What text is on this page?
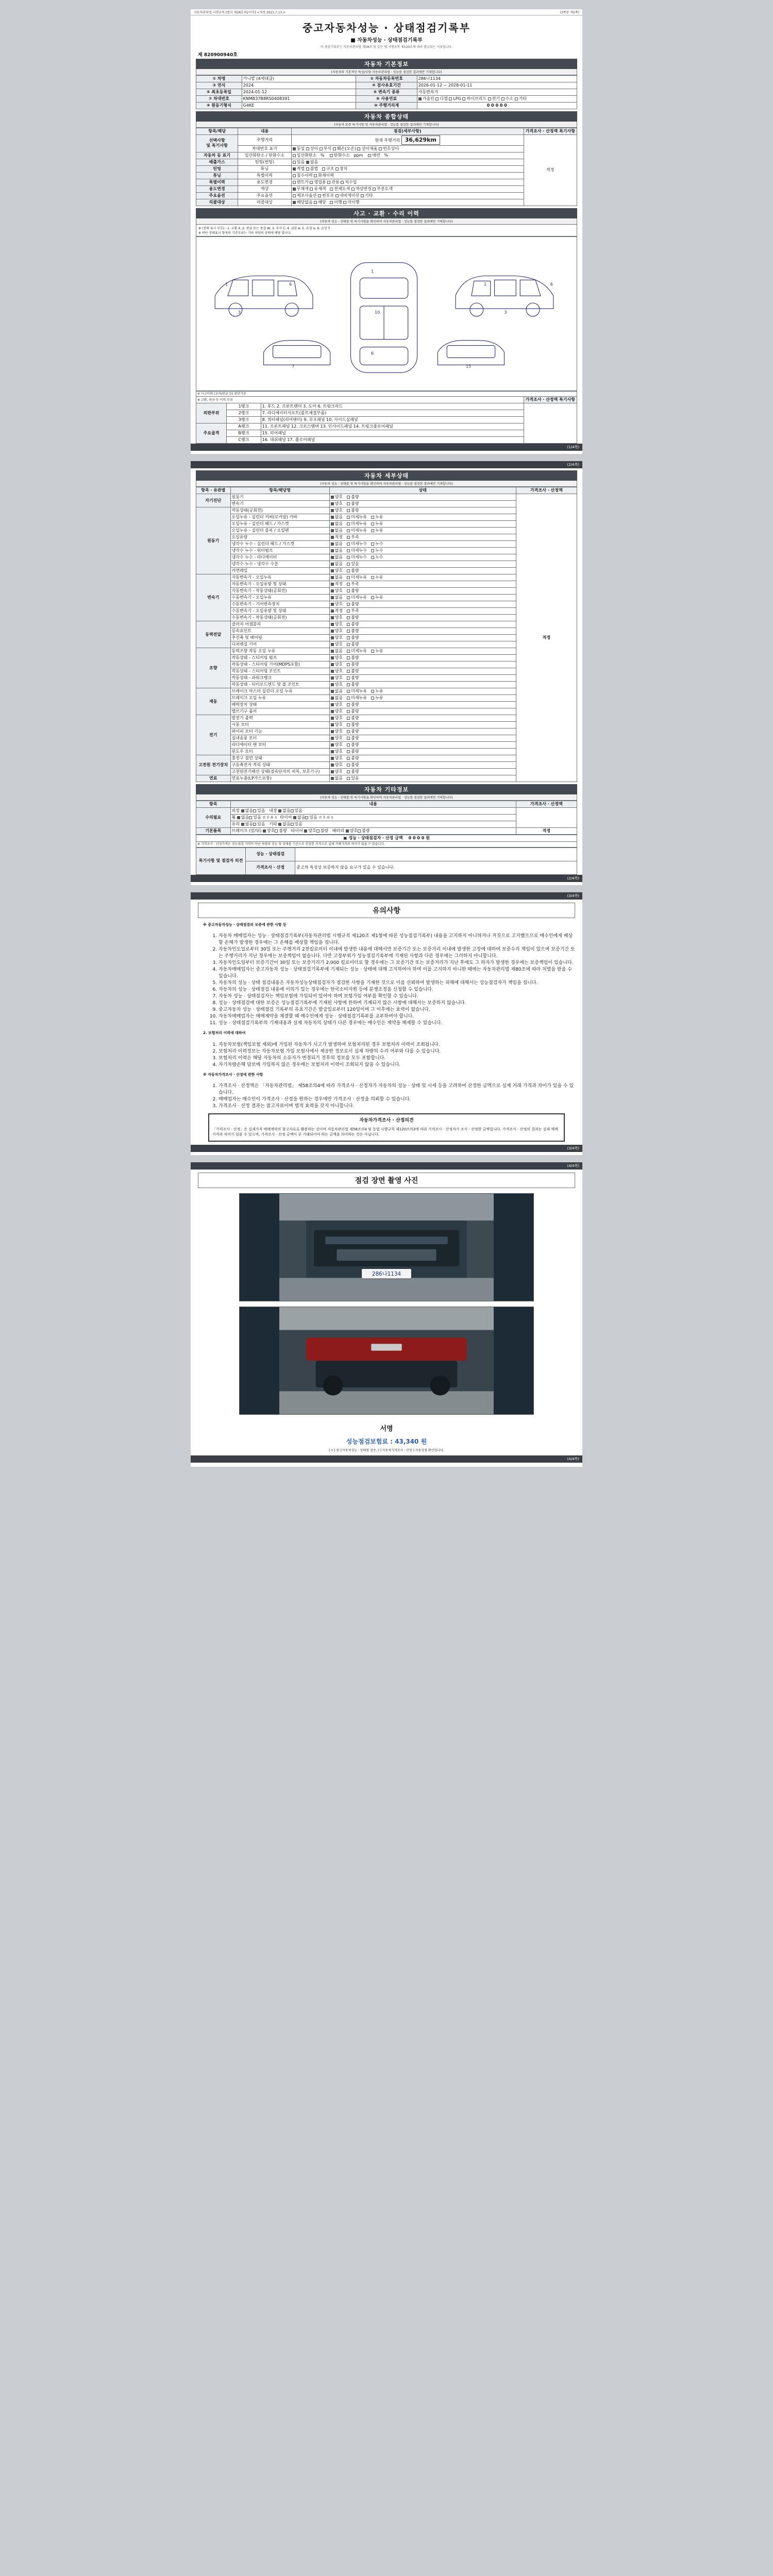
자동차관리법 시행규칙 [별지 제28호의2서식] <개정 2021.7.13.>	(3쪽중 제1쪽)
중고자동차성능 · 상태점검기록부
■ 자동차성능 · 상태점검기록부
이 점검기록부는 자동차관리법 제58조 및 같은 법 시행규칙 제120조에 따라 발급되는 서류입니다.
제 820900940호
자동차 기본정보
(자동차의 기본적인 특성/사항 자동차관리법 · 성능를 점검한 결과에만 기재합니다)
① 차명	카니발 (4세대급)	② 자동차등록번호	286나1134
③ 연식	2024	④ 검사유효기간	2026-01-12 ~ 2028-01-11
⑤ 최초등록일	2024-01-12	⑥ 변속기 종류	자동변속기
⑦ 차대번호	KNMB37B8RS0408391	⑧ 사용연료	가솔린 디젤 LPG 하이브리드 전기 수소 기타
⑨ 원동기형식	G4KE	⑩ 주행거리계	0 0 0 0 0
자동차 종합상태
(자동차 보증 특기사항 및 자동차관리법 · 성능를 점검한 결과에만 기재합니다)
항목/해당	내용	점검(세부사항)	가격조사 · 산정액 특기사항
선택사항
및 특기사항	주행거리	현재 주행거리 36,629km	적정
	차대번호 표기	동일 상이 부식 훼손(오손) 상이채움 번호상이	
자동차 등 표기	일산화탄소 / 탄화수소	일산화탄소   %    탄화수소   ppm    매연   %	
배출가스	틴팅(썬팅)	있음 없음	
틴팅	튜닝	적법 불법 구조 장치	
튜닝	특별이력	침수이력 화재이력	
특별이력	용도변경	렌트카 영업용 관용 직수입	
용도변경	색상	무채색 유채색 전체도색 색상변경 부분도색	
주요옵션	주요옵션	제조사옵션 썬루프 네비게이션 기타	
리콜대상	리콜대상	해당없음 해당 이행 미이행	
사고 · 교환 · 수리 이력
(자동차 성능 · 상태를 및 특기사항을 확인하여 자동차관리법 · 성능를 점검한 결과에만 기재합니다)
※ (상태 표시 부호) : 1. 교환 X, 2. 판금 또는 용접 W, 3. 부식 C, 4. 긁힘 A, 5. 요철 U, 6. 손상 T
※ 하단 상태표시 항목의 기준부위는 기타 차량의 상태에 해당 합니다.
1
3
6
1
6
10
1
3
6
7	15
※ 사고이력 (교차/판금 등) 판단기준			
※ 교환, 판금 등 이력 부위			가격조사 · 산정액 특기사항
외판부위	1랭크	1. 후드 2. 프론트팬더 3. 도어 6. 트렁크리드	
	2랭크	7. 라디에이터서포트(볼트체결부품)	
	3랭크	8. 쿼터패널(리어팬더) 9. 루프패널 10. 사이드실패널	
주요골격	A랭크	11. 프론트패널 12. 크로스멤버 13. 인사이드패널 14. 트렁크플로어패널	
	B랭크	15. 리어패널	
	C랭크	16. 대쉬패널 17. 플로어패널	
(1/4쪽)
(2/4쪽)
자동차 세부상태
(자동차 성능 · 상태를 및 특기사항을 확인하여 자동차관리법 · 성능를 점검한 결과에만 기재합니다)
항목 · 유관별	항목/해당명	상태	가격조사 · 산정액
자기진단	원동기	양호 불량	적정
	변속기	양호 불량	
원동기	작동상태(공회전)	양호 불량	
	오일누유 - 실린더 커버(로커암) 카바	없음 미세누유 누유	
	오일누유 - 실린더 헤드 / 가스켓	없음 미세누유 누유	
	오일누유 - 실린더 블록 / 오일팬	없음 미세누유 누유	
	오일유량	적정 부족	
	냉각수 누수 - 실린더 헤드 / 가스켓	없음 미세누수 누수	
	냉각수 누수 - 워터펌프	없음 미세누수 누수	
	냉각수 누수 - 라디에이터	없음 미세누수 누수	
	냉각수 누수 - 냉각수 수분	없음 있음	
	커먼레일	양호 불량	
변속기	자동변속기 - 오일누유	없음 미세누유 누유	
	자동변속기 - 오일유량 및 상태	적정 부족	
	자동변속기 - 작동상태(공회전)	양호 불량	
	수동변속기 - 오일누유	없음 미세누유 누유	
	수동변속기 - 기어변속장치	양호 불량	
	수동변속기 - 오일유량 및 상태	적정 부족	
	수동변속기 - 작동상태(공회전)	양호 불량	
동력전달	클러치 어셈블리	양호 불량	
	등속죠인트	양호 불량	
	추진축 및 베어링	양호 불량	
	디퍼렌셜 기어	양호 불량	
조향	동력조향 작동 오일 누유	없음 미세누유 누유	
	작동상태 - 스티어링 펌프	양호 불량	
	작동상태 - 스티어링 기어(MDPS포함)	양호 불량	
	작동상태 - 스티어링 조인트	양호 불량	
	작동상태 - 파워크랭크	양호 불량	
	작동상태 - 타이로드엔드 및 볼 조인트	양호 불량	
제동	브레이크 마스터 실린더 오일 누유	없음 미세누유 누유	
	브레이크 오일 누유	없음 미세누유 누유	
	배력장치 상태	양호 불량	
	밸브기구 롤러	양호 불량	
전기	발전기 출력	양호 불량	
	시동 모터	양호 불량	
	와이퍼 모터 기능	양호 불량	
	실내송풍 모터	양호 불량	
	라디에이터 팬 모터	양호 불량	
	윈도우 모터	양호 불량	
고전원 전기장치	충전구 절연 상태	양호 불량	
	구동축전지 격리 상태	양호 불량	
	고전원전기배선 상태(접속단자의 피복, 보호기구)	양호 불량	
연료	연료누출(LP가스포함)	없음 있음	
자동차 기타정보
(자동차 성능 · 상태를 및 특기사항을 확인하여 자동차관리법 · 성능를 점검한 결과에만 기재합니다)
항목	내용	가격조사 · 산정액
수리필요	외장 없음 있음 내장 없음 있음	
	휠 없음 있음 전 후 좌 우 타이어 없음 있음 전 후 좌 우	
	유리 없음 있음 기타 없음 있음	
기본품목	브레이크 (앞/뒤) 양호 불량 타이어 양호 불량 배터리 양호 불량	적정
▣ 성능 · 상태점검자 · 산정 금액 0 0 0 0 원
※ 가격조사 · 산정가격은 성능점검 가격이 아닌 차량의 성능 및 상태를 기준으로 산정한 가격으로 실제 거래가격과 차이가 있을 수 있습니다.
특기사항 및 점검자 의견	성능 · 상태점검	
	가격조사 · 산정	중고차 특성상 보증하지 않을 요구가 있을 수 있습니다.
(2/4쪽)
(3/4쪽)
유의사항
※ 중고자동차성능 · 상태점검의 보증에 관한 사항 등
1. 자동차 매매업자는 성능 · 상태점검기록부(자동차관리법 시행규칙 제120조 제1항에 따른 성능점검기록부) 내용을 고지하지 아니하거나 거짓으로 고지했으므로 매수인에게 배상할 손해가 발생한 경우에는 그 손해를 배상할 책임을 집니다.
2. 자동차인도일로부터 30일 또는 주행거리 2천킬로미터 이내에 발생한 내용에 대해서만 보증기간 또는 보증거리 이내에 발생한 고장에 대하여 보증수리 책임이 있으며 보증기간 또는 주행거리가 지난 경우에는 보증책임이 없습니다. 다만 고장부위가 성능점검기록부에 기재된 사항과 다른 경우에는 그러하지 아니합니다.
3. 자동차인도일부터 보증기간이 30일 또는 보증거리가 2,000 킬로미터로 할 경우에는 그 보증기간 또는 보증거리가 지난 후에도 그 하자가 발생한 경우에는 보증책임이 있습니다.
4. 자동차매매업자는 중고자동차 성능 · 상태점검기록부에 기재되는 성능 · 상태에 대해 고지하여야 하며 이를 고지하지 아니한 때에는 자동차관리법 제80조에 따라 처벌을 받을 수 있습니다.
5. 자동차의 성능 · 상태 점검내용은 자동차성능상태점검자가 점검한 사항을 기재한 것으로 이를 신뢰하여 발생하는 피해에 대해서는 성능점검자가 책임을 집니다.
6. 자동차의 성능 · 상태점검 내용에 이의가 있는 경우에는 한국소비자원 등에 분쟁조정을 신청할 수 있습니다.
7. 자동차 성능 · 상태점검자는 책임보험에 가입되어 있어야 하며 보험가입 여부를 확인할 수 있습니다.
8. 성능 · 상태점검에 대한 보증은 성능점검기록부에 기재된 사항에 한하며 기재되지 않은 사항에 대해서는 보증하지 않습니다.
9. 중고자동차 성능 · 상태점검 기록부의 유효기간은 발급일로부터 120일이며 그 이후에는 효력이 없습니다.
10. 자동차매매업자는 매매계약을 체결할 때 매수인에게 성능 · 상태점검기록부를 교부하여야 합니다.
11. 성능 · 상태점검기록부의 기재내용과 실제 자동차의 상태가 다른 경우에는 매수인은 계약을 해제할 수 있습니다.
2. 보험처리 이력에 대하여
1. 자동차보험(책임보험 제외)에 가입된 자동차가 사고가 발생하여 보험처리된 경우 보험처리 이력이 조회됩니다.
2. 보험처리 이력정보는 자동차보험 가입 보험사에서 제공한 정보로서 실제 차량의 수리 여부와 다를 수 있습니다.
3. 보험처리 이력은 해당 자동차의 소유자가 변경되기 전후의 정보를 모두 포함합니다.
4. 자기차량손해 담보에 가입하지 않은 경우에는 보험처리 이력이 조회되지 않을 수 있습니다.
※ 자동차가격조사 · 산정에 관한 사항
1. 가격조사 · 산정액은 「자동차관리법」 제58조의4에 따라 가격조사 · 산정자가 자동차의 성능 · 상태 및 시세 등을 고려하여 산정한 금액으로 실제 거래 가격과 차이가 있을 수 있습니다.
2. 매매업자는 매수인이 가격조사 · 산정을 원하는 경우에만 가격조사 · 산정을 의뢰할 수 있습니다.
3. 가격조사 · 산정 결과는 참고자료이며 법적 효력을 갖지 아니합니다.
자동차가격조사 · 산정의견
「가격조사 · 산정」은 실제가격 매매계약의 참고자료로 활용하는 것이며 자동차관리법 제58조의4 및 동법 시행규칙 제120조의3에 따라 가격조사 · 산정자가 조사 · 산정한 금액입니다. 가격조사 · 산정의 결과는 실제 매매가격과 차이가 있을 수 있으며, 가격조사 · 산정 금액이 곧 거래되어야 하는 금액을 의미하는 것은 아닙니다.
(3/4쪽)
(4/4쪽)
점검 장면 촬영 사진
286나1134
서명
성능점검보험료 : 43,340 원
[ Y ] 중고자동차성능 · 상태점 검증, [ ] 자동차가격조사 · 산정 ] 자동검점 확인업니다.
(4/4쪽)
